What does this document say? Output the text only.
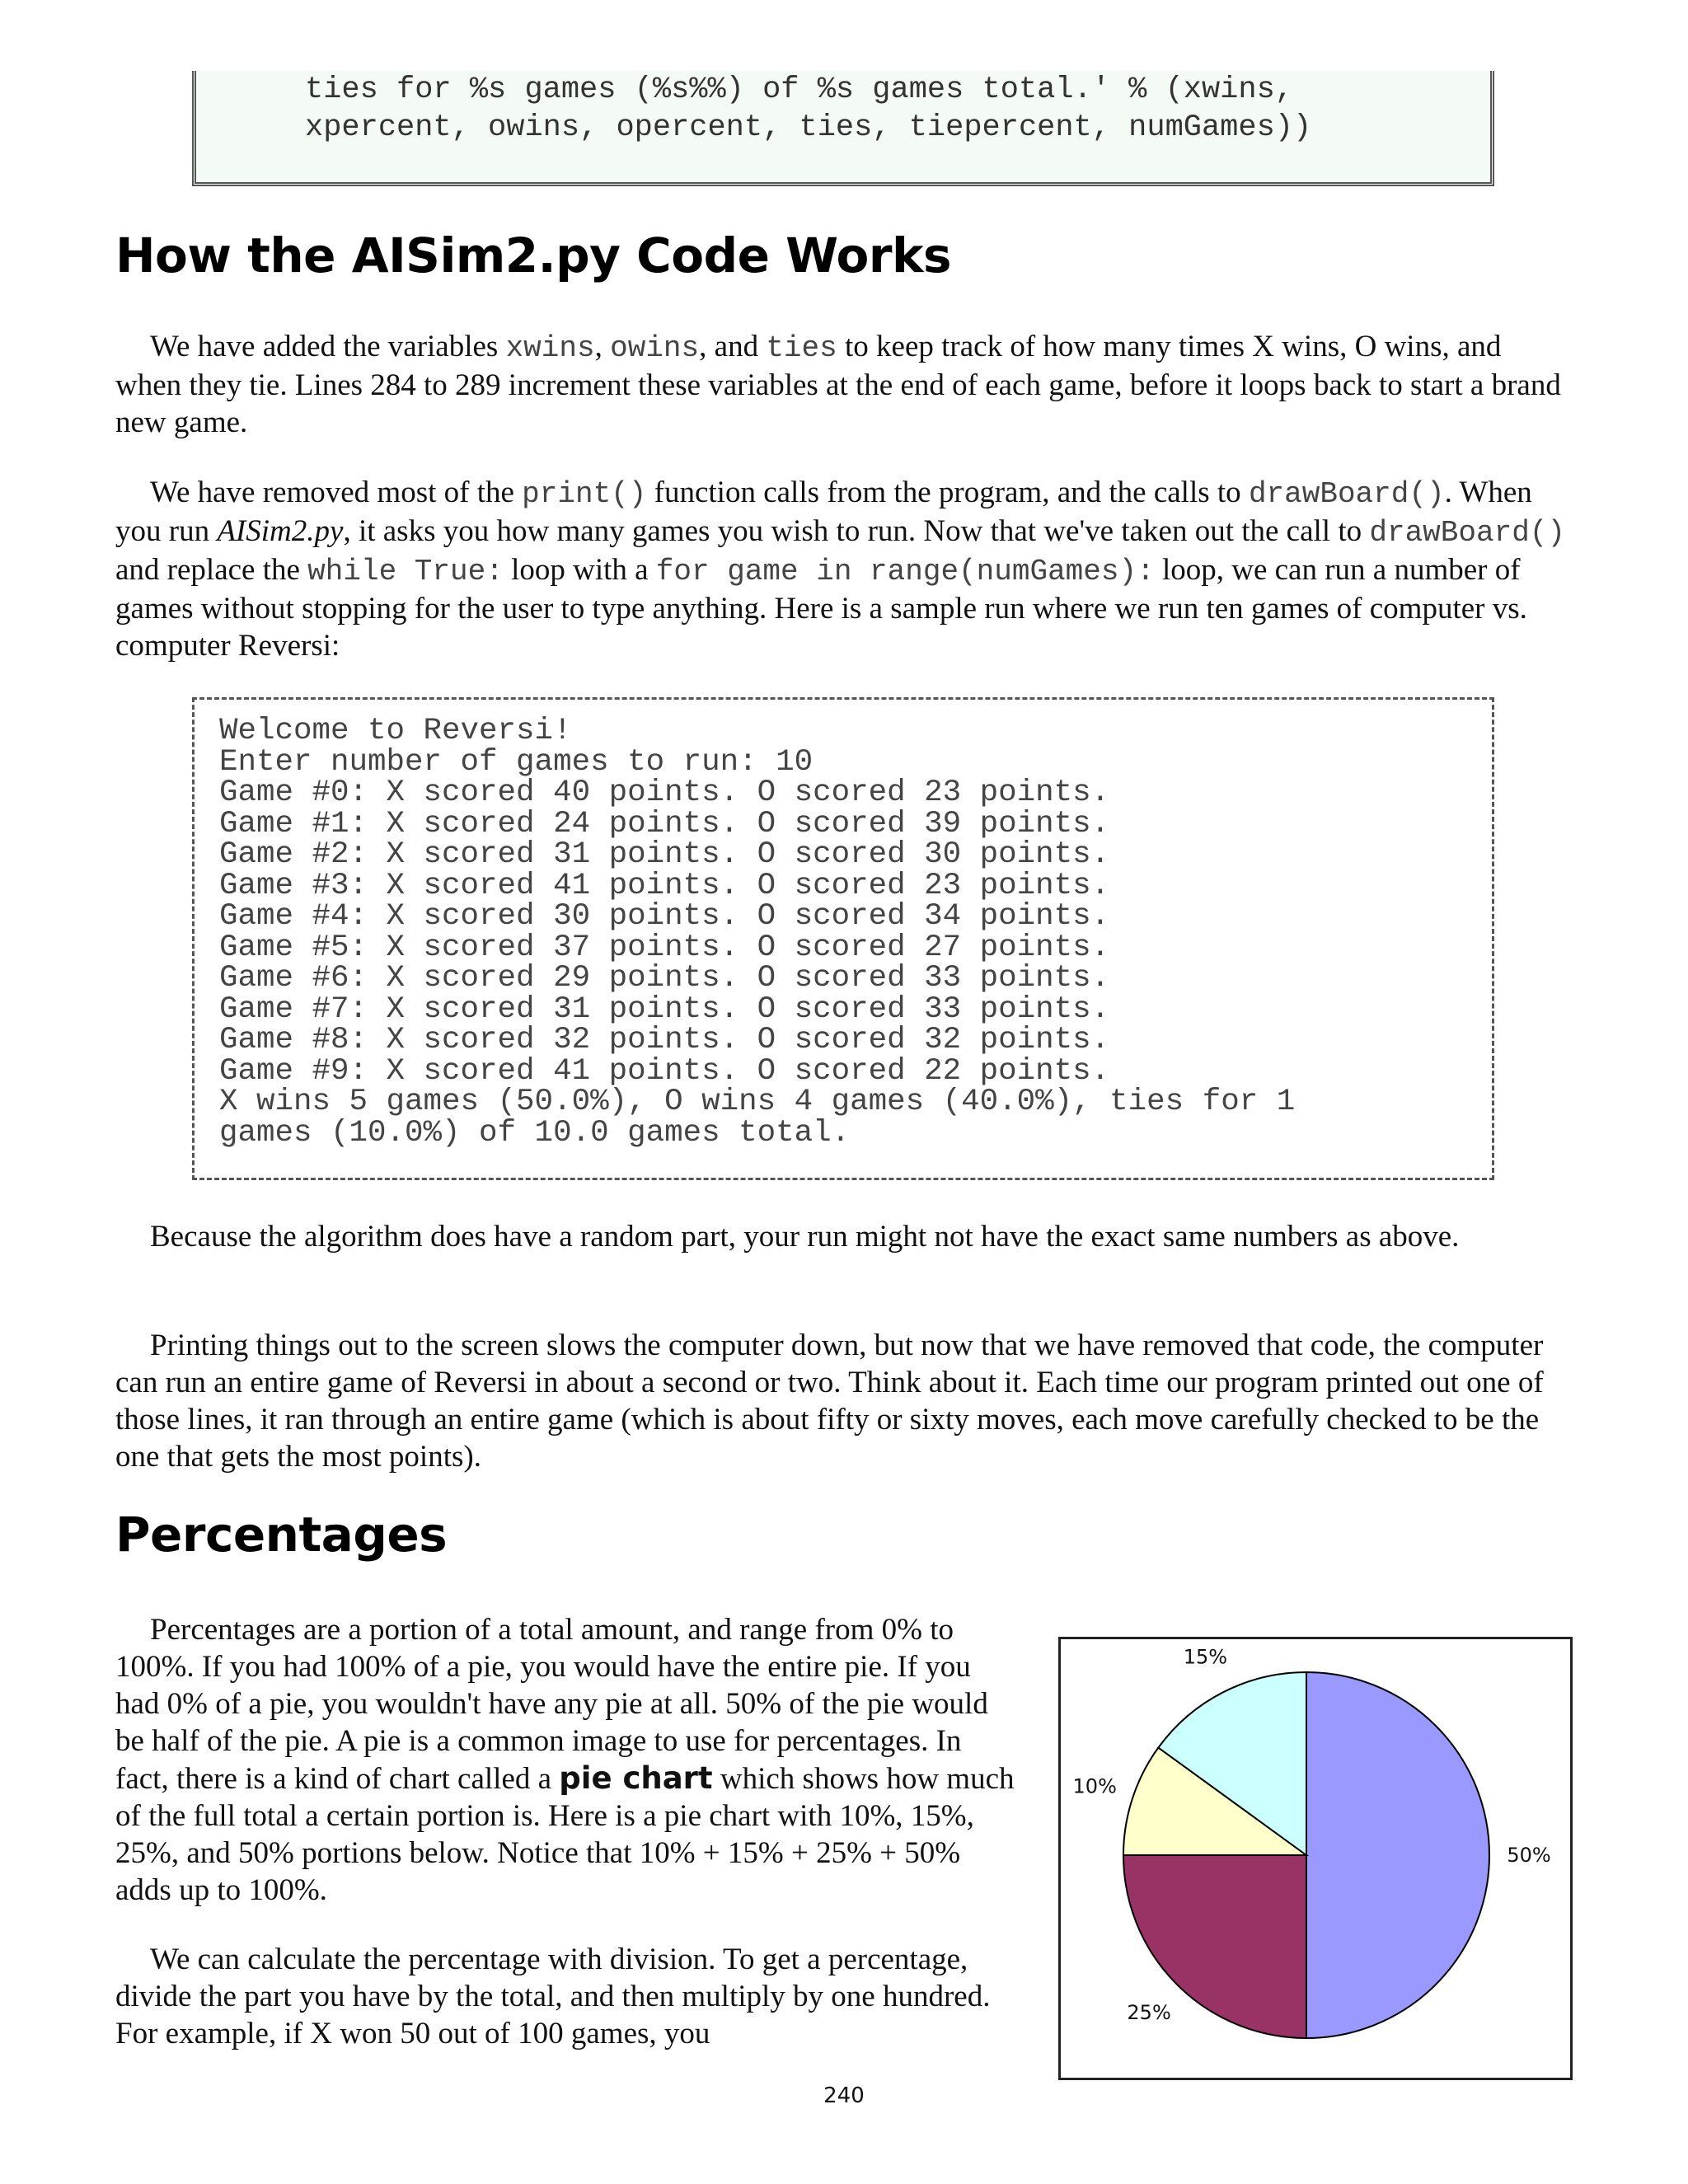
ties for %s games (%s%%) of %s games total.' % (xwins,
xpercent, owins, opercent, ties, tiepercent, numGames))
How the AISim2.py Code Works

We have added the variables xwins, owins, and ties to keep track of how many times X wins, O wins, and when they tie. Lines 284 to 289 increment these variables at the end of each game, before it loops back to start a brand new game.

We have removed most of the print() function calls from the program, and the calls to drawBoard(). When you run AISim2.py, it asks you how many games you wish to run. Now that we've taken out the call to drawBoard() and replace the while True: loop with a for game in range(numGames): loop, we can run a number of games without stopping for the user to type anything. Here is a sample run where we run ten games of computer vs. computer Reversi:

Welcome to Reversi!
Enter number of games to run: 10
Game #0: X scored 40 points. O scored 23 points.
Game #1: X scored 24 points. O scored 39 points.
Game #2: X scored 31 points. O scored 30 points.
Game #3: X scored 41 points. O scored 23 points.
Game #4: X scored 30 points. O scored 34 points.
Game #5: X scored 37 points. O scored 27 points.
Game #6: X scored 29 points. O scored 33 points.
Game #7: X scored 31 points. O scored 33 points.
Game #8: X scored 32 points. O scored 32 points.
Game #9: X scored 41 points. O scored 22 points.
X wins 5 games (50.0%), O wins 4 games (40.0%), ties for 1
games (10.0%) of 10.0 games total.

Because the algorithm does have a random part, your run might not have the exact same numbers as above.

Printing things out to the screen slows the computer down, but now that we have removed that code, the computer can run an entire game of Reversi in about a second or two. Think about it. Each time our program printed out one of those lines, it ran through an entire game (which is about fifty or sixty moves, each move carefully checked to be the one that gets the most points).

Percentages

Percentages are a portion of a total amount, and range from 0% to 100%. If you had 100% of a pie, you would have the entire pie. If you had 0% of a pie, you wouldn't have any pie at all. 50% of the pie would be half of the pie. A pie is a common image to use for percentages. In fact, there is a kind of chart called a pie chart which shows how much of the full total a certain portion is. Here is a pie chart with 10%, 15%, 25%, and 50% portions below. Notice that 10% + 15% + 25% + 50% adds up to 100%.

We can calculate the percentage with division. To get a percentage, divide the part you have by the total, and then multiply by one hundred. For example, if X won 50 out of 100 games, you

50%
25%
10%
15%
240
